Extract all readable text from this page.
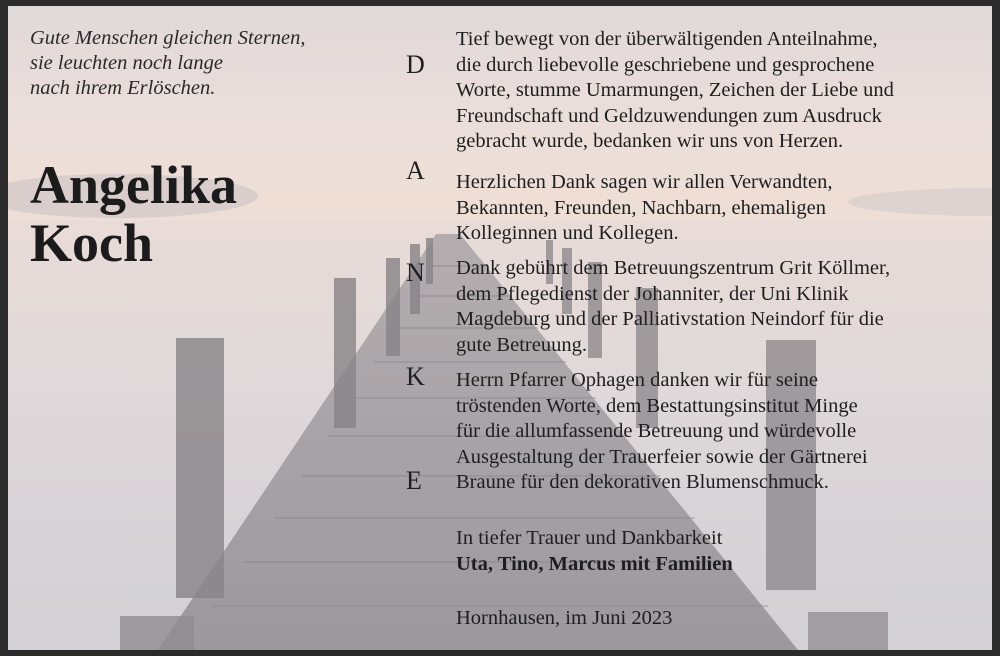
Gute Menschen gleichen Sternen,
sie leuchten noch lange
nach ihrem Erlöschen.

Angelika
Koch
D
A
N
K
E

Tief bewegt von der überwältigenden Anteilnahme,
die durch liebevolle geschriebene und gesprochene
Worte, stumme Umarmungen, Zeichen der Liebe und
Freundschaft und Geldzuwendungen zum Ausdruck
gebracht wurde, bedanken wir uns von Herzen.

Herzlichen Dank sagen wir allen Verwandten,
Bekannten, Freunden, Nachbarn, ehemaligen
Kolleginnen und Kollegen.

Dank gebührt dem Betreuungszentrum Grit Köllmer,
dem Pflegedienst der Johanniter, der Uni Klinik
Magdeburg und der Palliativstation Neindorf für die
gute Betreuung.

Herrn Pfarrer Ophagen danken wir für seine
tröstenden Worte, dem Bestattungsinstitut Minge
für die allumfassende Betreuung und würdevolle
Ausgestaltung der Trauerfeier sowie der Gärtnerei
Braune für den dekorativen Blumenschmuck.

In tiefer Trauer und Dankbarkeit
Uta, Tino, Marcus mit Familien
Hornhausen, im Juni 2023
